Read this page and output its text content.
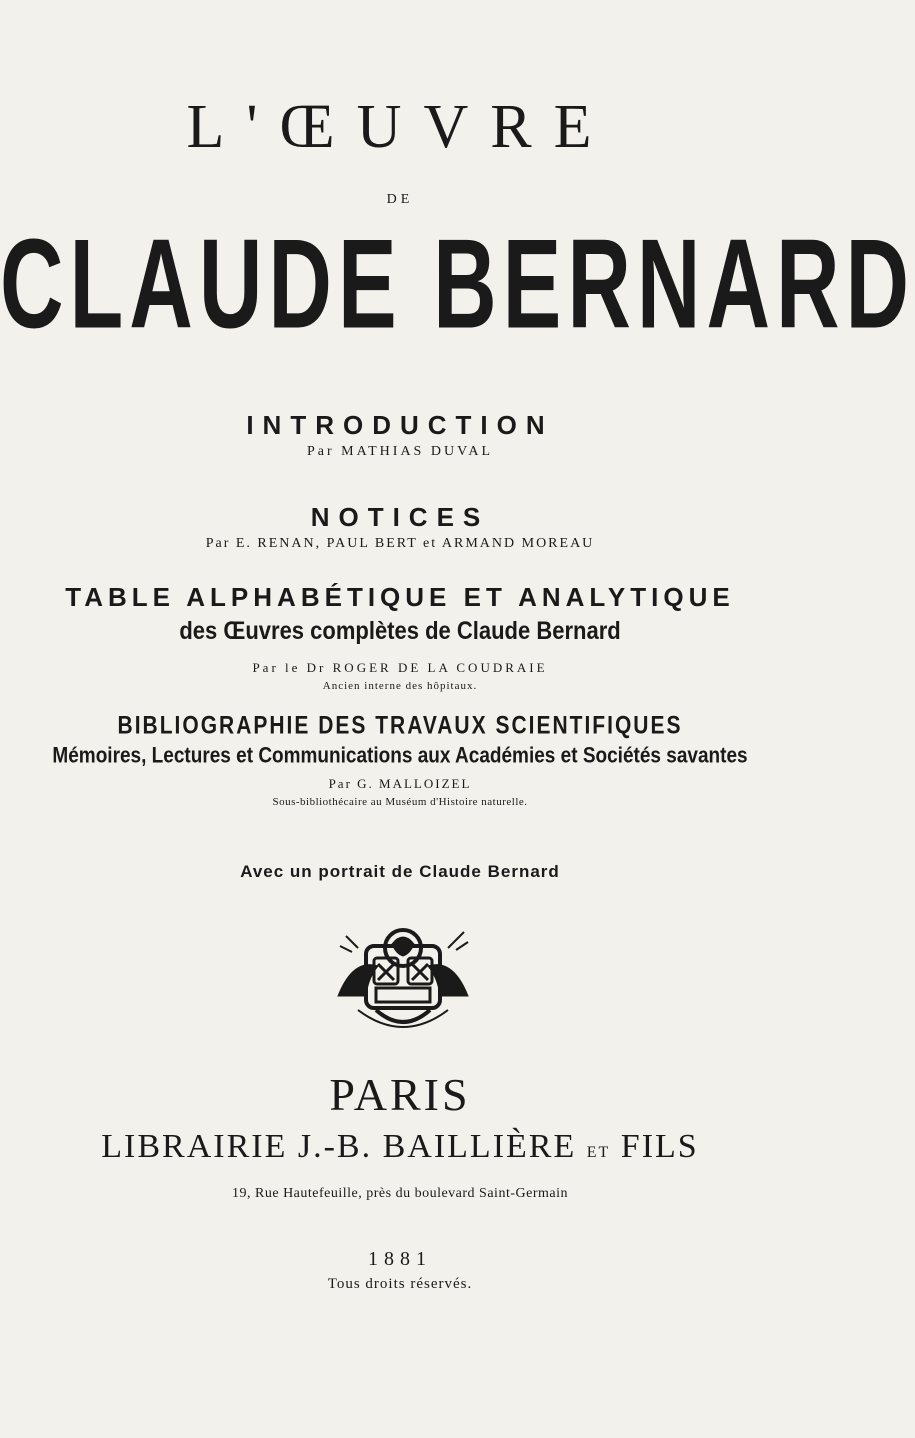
L'ŒUVRE
DE
CLAUDE BERNARD
INTRODUCTION
Par MATHIAS DUVAL
NOTICES
Par E. RENAN, PAUL BERT et ARMAND MOREAU
TABLE ALPHABÉTIQUE ET ANALYTIQUE
des Œuvres complètes de Claude Bernard
Par le Dr ROGER DE LA COUDRAIE
Ancien interne des hôpitaux.
BIBLIOGRAPHIE DES TRAVAUX SCIENTIFIQUES
Mémoires, Lectures et Communications aux Académies et Sociétés savantes
Par G. MALLOIZEL
Sous-bibliothécaire au Muséum d'Histoire naturelle.
Avec un portrait de Claude Bernard
PARIS
LIBRAIRIE J.-B. BAILLIÈRE ET FILS
19, Rue Hautefeuille, près du boulevard Saint-Germain
1881
Tous droits réservés.
